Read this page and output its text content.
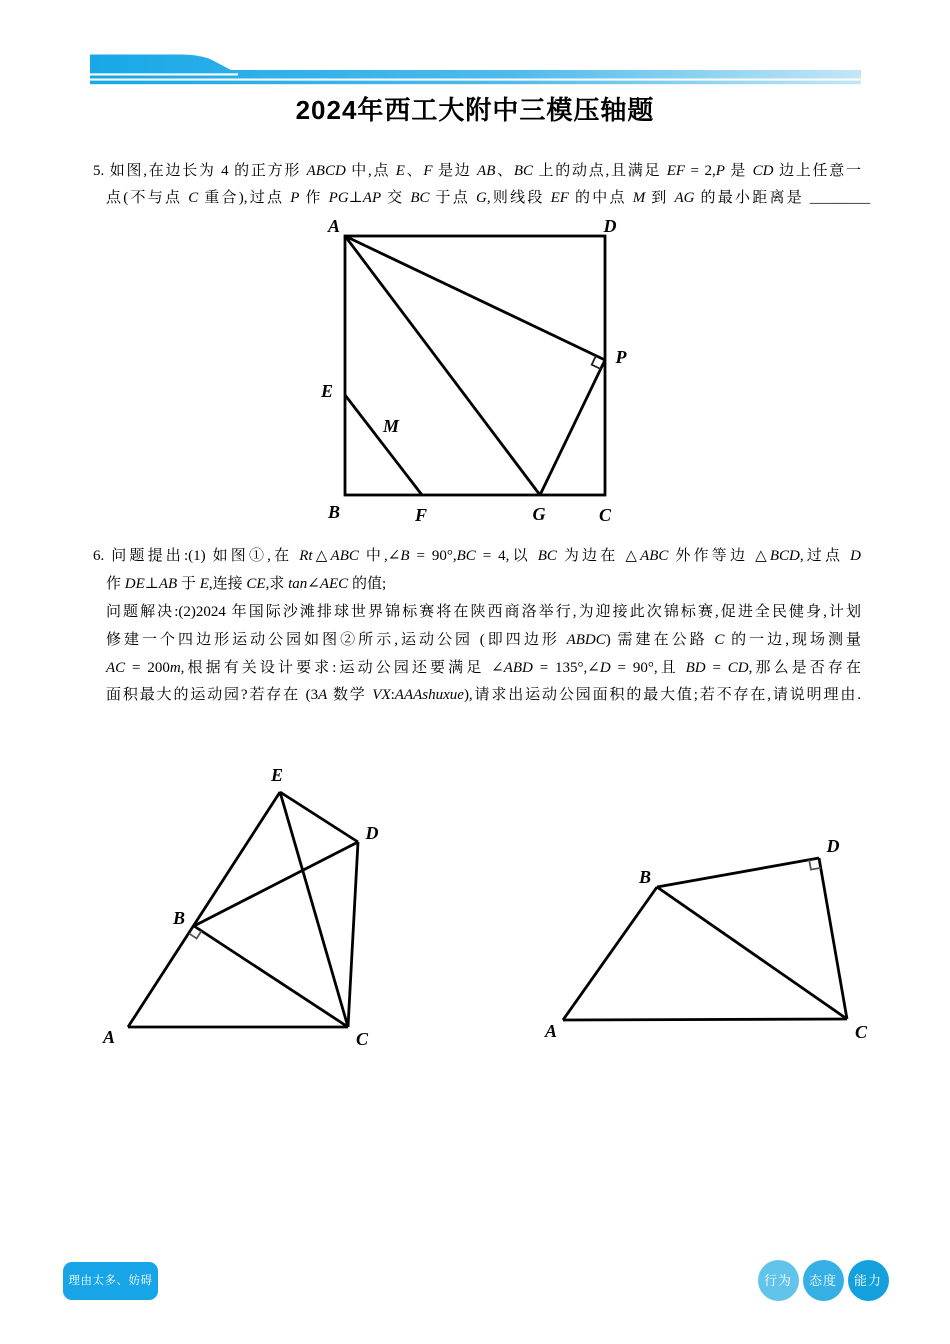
2024年西工大附中三模压轴题
5. 如图,在边长为 4 的正方形 ABCD 中,点 E、F 是边 AB、BC 上的动点,且满足 EF = 2,P 是 CD 边上任意一
点(不与点 C 重合),过点 P 作 PG⊥AP 交 BC 于点 G,则线段 EF 的中点 M 到 AG 的最小距离是 ________
A	D
E
M
P
B	F	G	C
6. 问题提出:(1) 如图①,在 Rt△ABC 中,∠B = 90°,BC = 4,以 BC 为边在 △ABC 外作等边 △BCD,过点 D
作 DE⊥AB 于 E,连接 CE,求 tan∠AEC 的值;
问题解决:(2)2024 年国际沙滩排球世界锦标赛将在陕西商洛举行,为迎接此次锦标赛,促进全民健身,计划
修建一个四边形运动公园如图②所示,运动公园 (即四边形 ABDC) 需建在公路 C 的一边,现场测量
AC = 200m,根据有关设计要求:运动公园还要满足 ∠ABD = 135°,∠D = 90°,且 BD = CD,那么是否存在
面积最大的运动园?若存在 (3A 数学 VX:AAAshuxue),请求出运动公园面积的最大值;若不存在,请说明理由.
E
D
B
A	C
B
D
A	C
理由太多、妨碍进步
行为	态度	能力
